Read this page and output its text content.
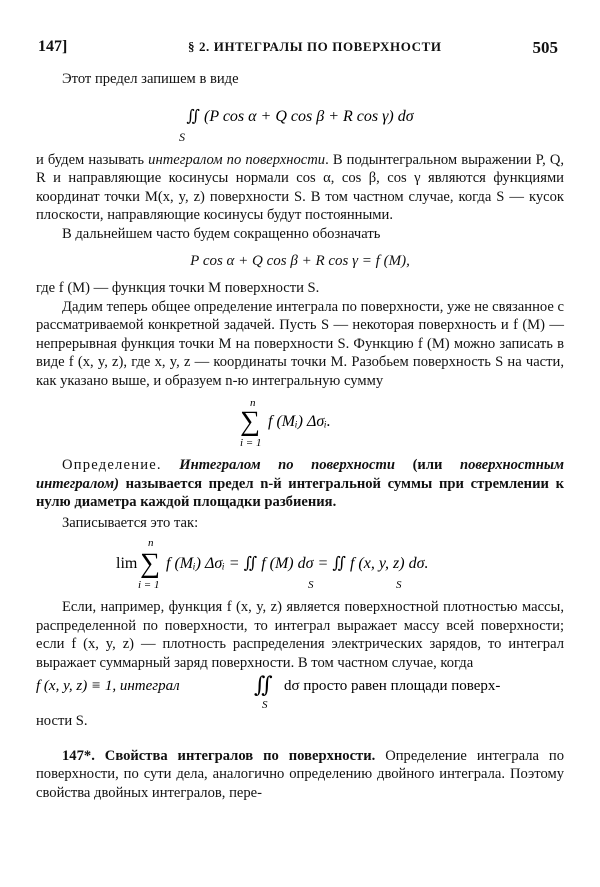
147]	§ 2. ИНТЕГРАЛЫ ПО ПОВЕРХНОСТИ	505

Этот предел запишем в виде

∬ (P cos α + Q cos β + R cos γ) dσ
S

и будем называть интегралом по поверхности. В подынтегральном выражении P, Q, R и направляющие косинусы нормали cos α, cos β, cos γ являются функциями координат точки M(x, y, z) поверхности S. В том частном случае, когда S — кусок плоскости, направляющие косинусы будут постоянными.

В дальнейшем часто будем сокращенно обозначать

P cos α + Q cos β + R cos γ = f (M),

где f (M) — функция точки M поверхности S.

Дадим теперь общее определение интеграла по поверхности, уже не связанное с рассматриваемой конкретной задачей. Пусть S — некоторая поверхность и f (M) — непрерывная функция точки M на поверхности S. Функцию f (M) можно записать в виде f (x, y, z), где x, y, z — координаты точки M. Разобьем поверхность S на части, как указано выше, и образуем n-ю интегральную сумму

n
∑
i = 1
f (Mᵢ) Δσᵢ.

Определение. Интегралом по поверхности (или поверхностным интегралом) называется предел n-й интегральной суммы при стремлении к нулю диаметра каждой площадки разбиения.

Записывается это так:

lim
n
∑
i = 1
f (Mᵢ) Δσᵢ = ∬ f (M) dσ = ∬ f (x, y, z) dσ.
S	S

Если, например, функция f (x, y, z) является поверхностной плотностью массы, распределенной по поверхности, то интеграл выражает массу всей поверхности; если f (x, y, z) — плотность распределения электрических зарядов, то интеграл выражает суммарный заряд поверхности. В том частном случае, когда

f (x, y, z) ≡ 1, интеграл	∬
S
dσ просто равен площади поверх-

ности S.

147*. Свойства интегралов по поверхности. Определение интеграла по поверхности, по сути дела, аналогично определению двойного интеграла. Поэтому свойства двойных интегралов, пере-
